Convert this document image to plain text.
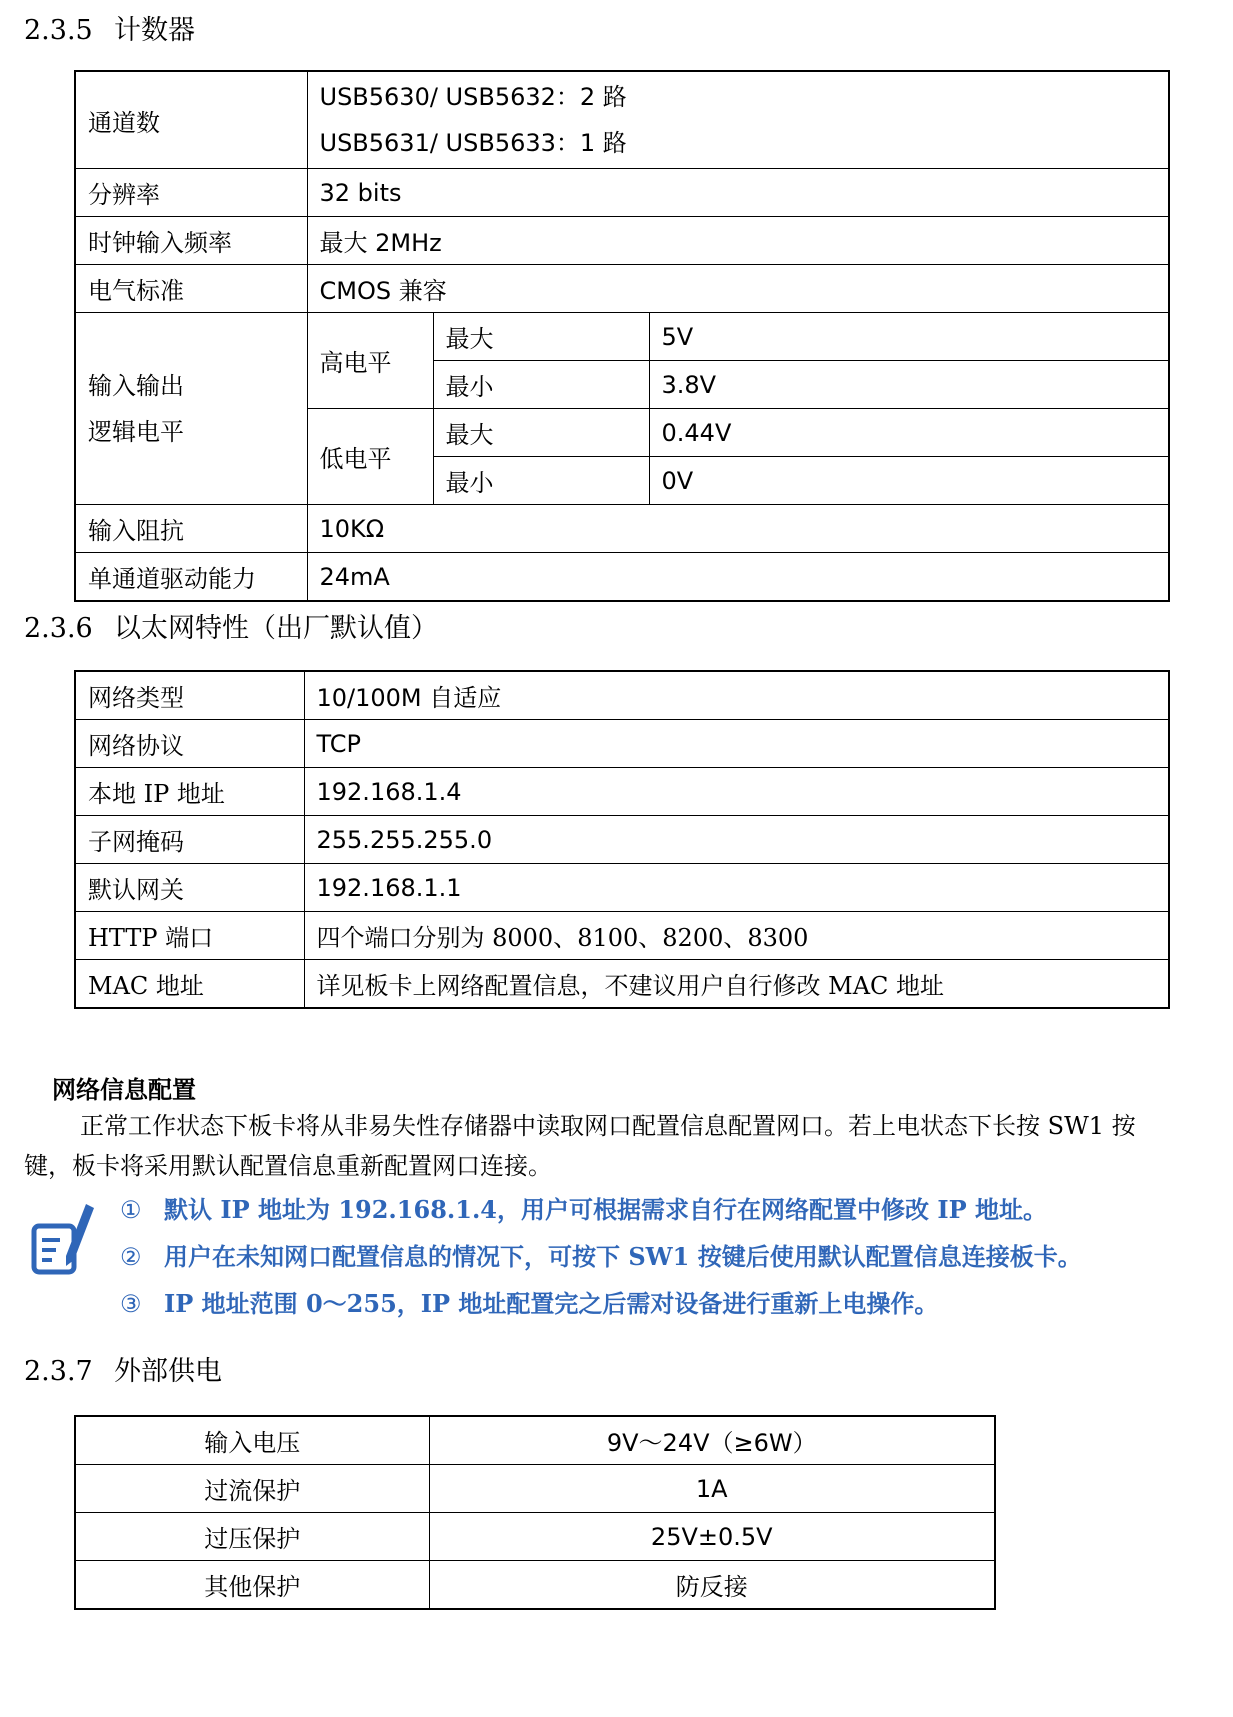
2.3.5 计数器
通道数	USB5630/ USB5632：2 路
USB5631/ USB5633：1 路		

分辨率	32 bits		
时钟输入频率	最大 2MHz		
电气标准	CMOS 兼容		

输入输出
逻辑电平	高电平	最大	5V
		最小	3.8V
	低电平	最大	0.44V
		最小	0V
输入阻抗	10KΩ		
单通道驱动能力	24mA		
2.3.6 以太网特性（出厂默认值）
网络类型	10/100M 自适应
网络协议	TCP
本地 IP 地址	192.168.1.4
子网掩码	255.255.255.0
默认网关	192.168.1.1
HTTP 端口	四个端口分别为 8000、8100、8200、8300
MAC 地址	详见板卡上网络配置信息，不建议用户自行修改 MAC 地址
网络信息配置

正常工作状态下板卡将从非易失性存储器中读取网口配置信息配置网口。若上电状态下长按 SW1 按键，板卡将采用默认配置信息重新配置网口连接。

① 默认 IP 地址为 192.168.1.4，用户可根据需求自行在网络配置中修改 IP 地址。
② 用户在未知网口配置信息的情况下，可按下 SW1 按键后使用默认配置信息连接板卡。
③ IP 地址范围 0～255，IP 地址配置完之后需对设备进行重新上电操作。
2.3.7 外部供电
输入电压	9V～24V（≥6W）
过流保护	1A
过压保护	25V±0.5V
其他保护	防反接
